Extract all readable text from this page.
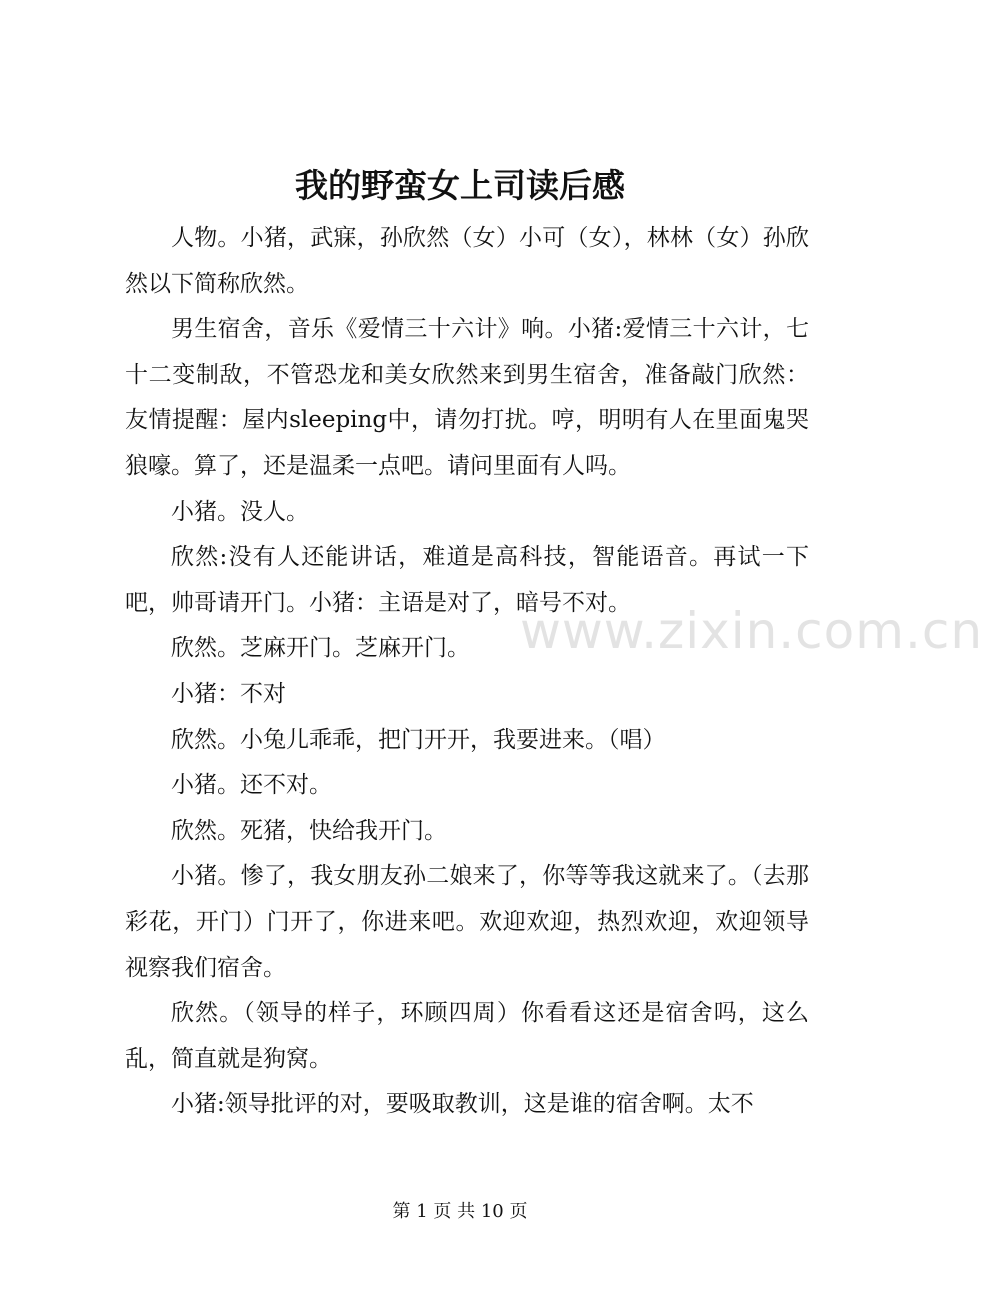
www.zixin.com.cn
我的野蛮女上司读后感

人物。小猪，武寐，孙欣然（女）小可（女），林林（女）孙欣然以下简称欣然。

男生宿舍，音乐《爱情三十六计》响。小猪:爱情三十六计，七十二变制敌，不管恐龙和美女欣然来到男生宿舍，准备敲门欣然：友情提醒：屋内sleeping中，请勿打扰。哼，明明有人在里面鬼哭狼嚎。算了，还是温柔一点吧。请问里面有人吗。

小猪。没人。

欣然:没有人还能讲话，难道是高科技，智能语音。再试一下吧，帅哥请开门。小猪：主语是对了，暗号不对。

欣然。芝麻开门。芝麻开门。

小猪：不对

欣然。小兔儿乖乖，把门开开，我要进来。（唱）

小猪。还不对。

欣然。死猪，快给我开门。

小猪。惨了，我女朋友孙二娘来了，你等等我这就来了。（去那彩花，开门）门开了，你进来吧。欢迎欢迎，热烈欢迎，欢迎领导视察我们宿舍。

欣然。（领导的样子，环顾四周）你看看这还是宿舍吗，这么乱，简直就是狗窝。

小猪:领导批评的对，要吸取教训，这是谁的宿舍啊。太不

第 1 页 共 10 页
